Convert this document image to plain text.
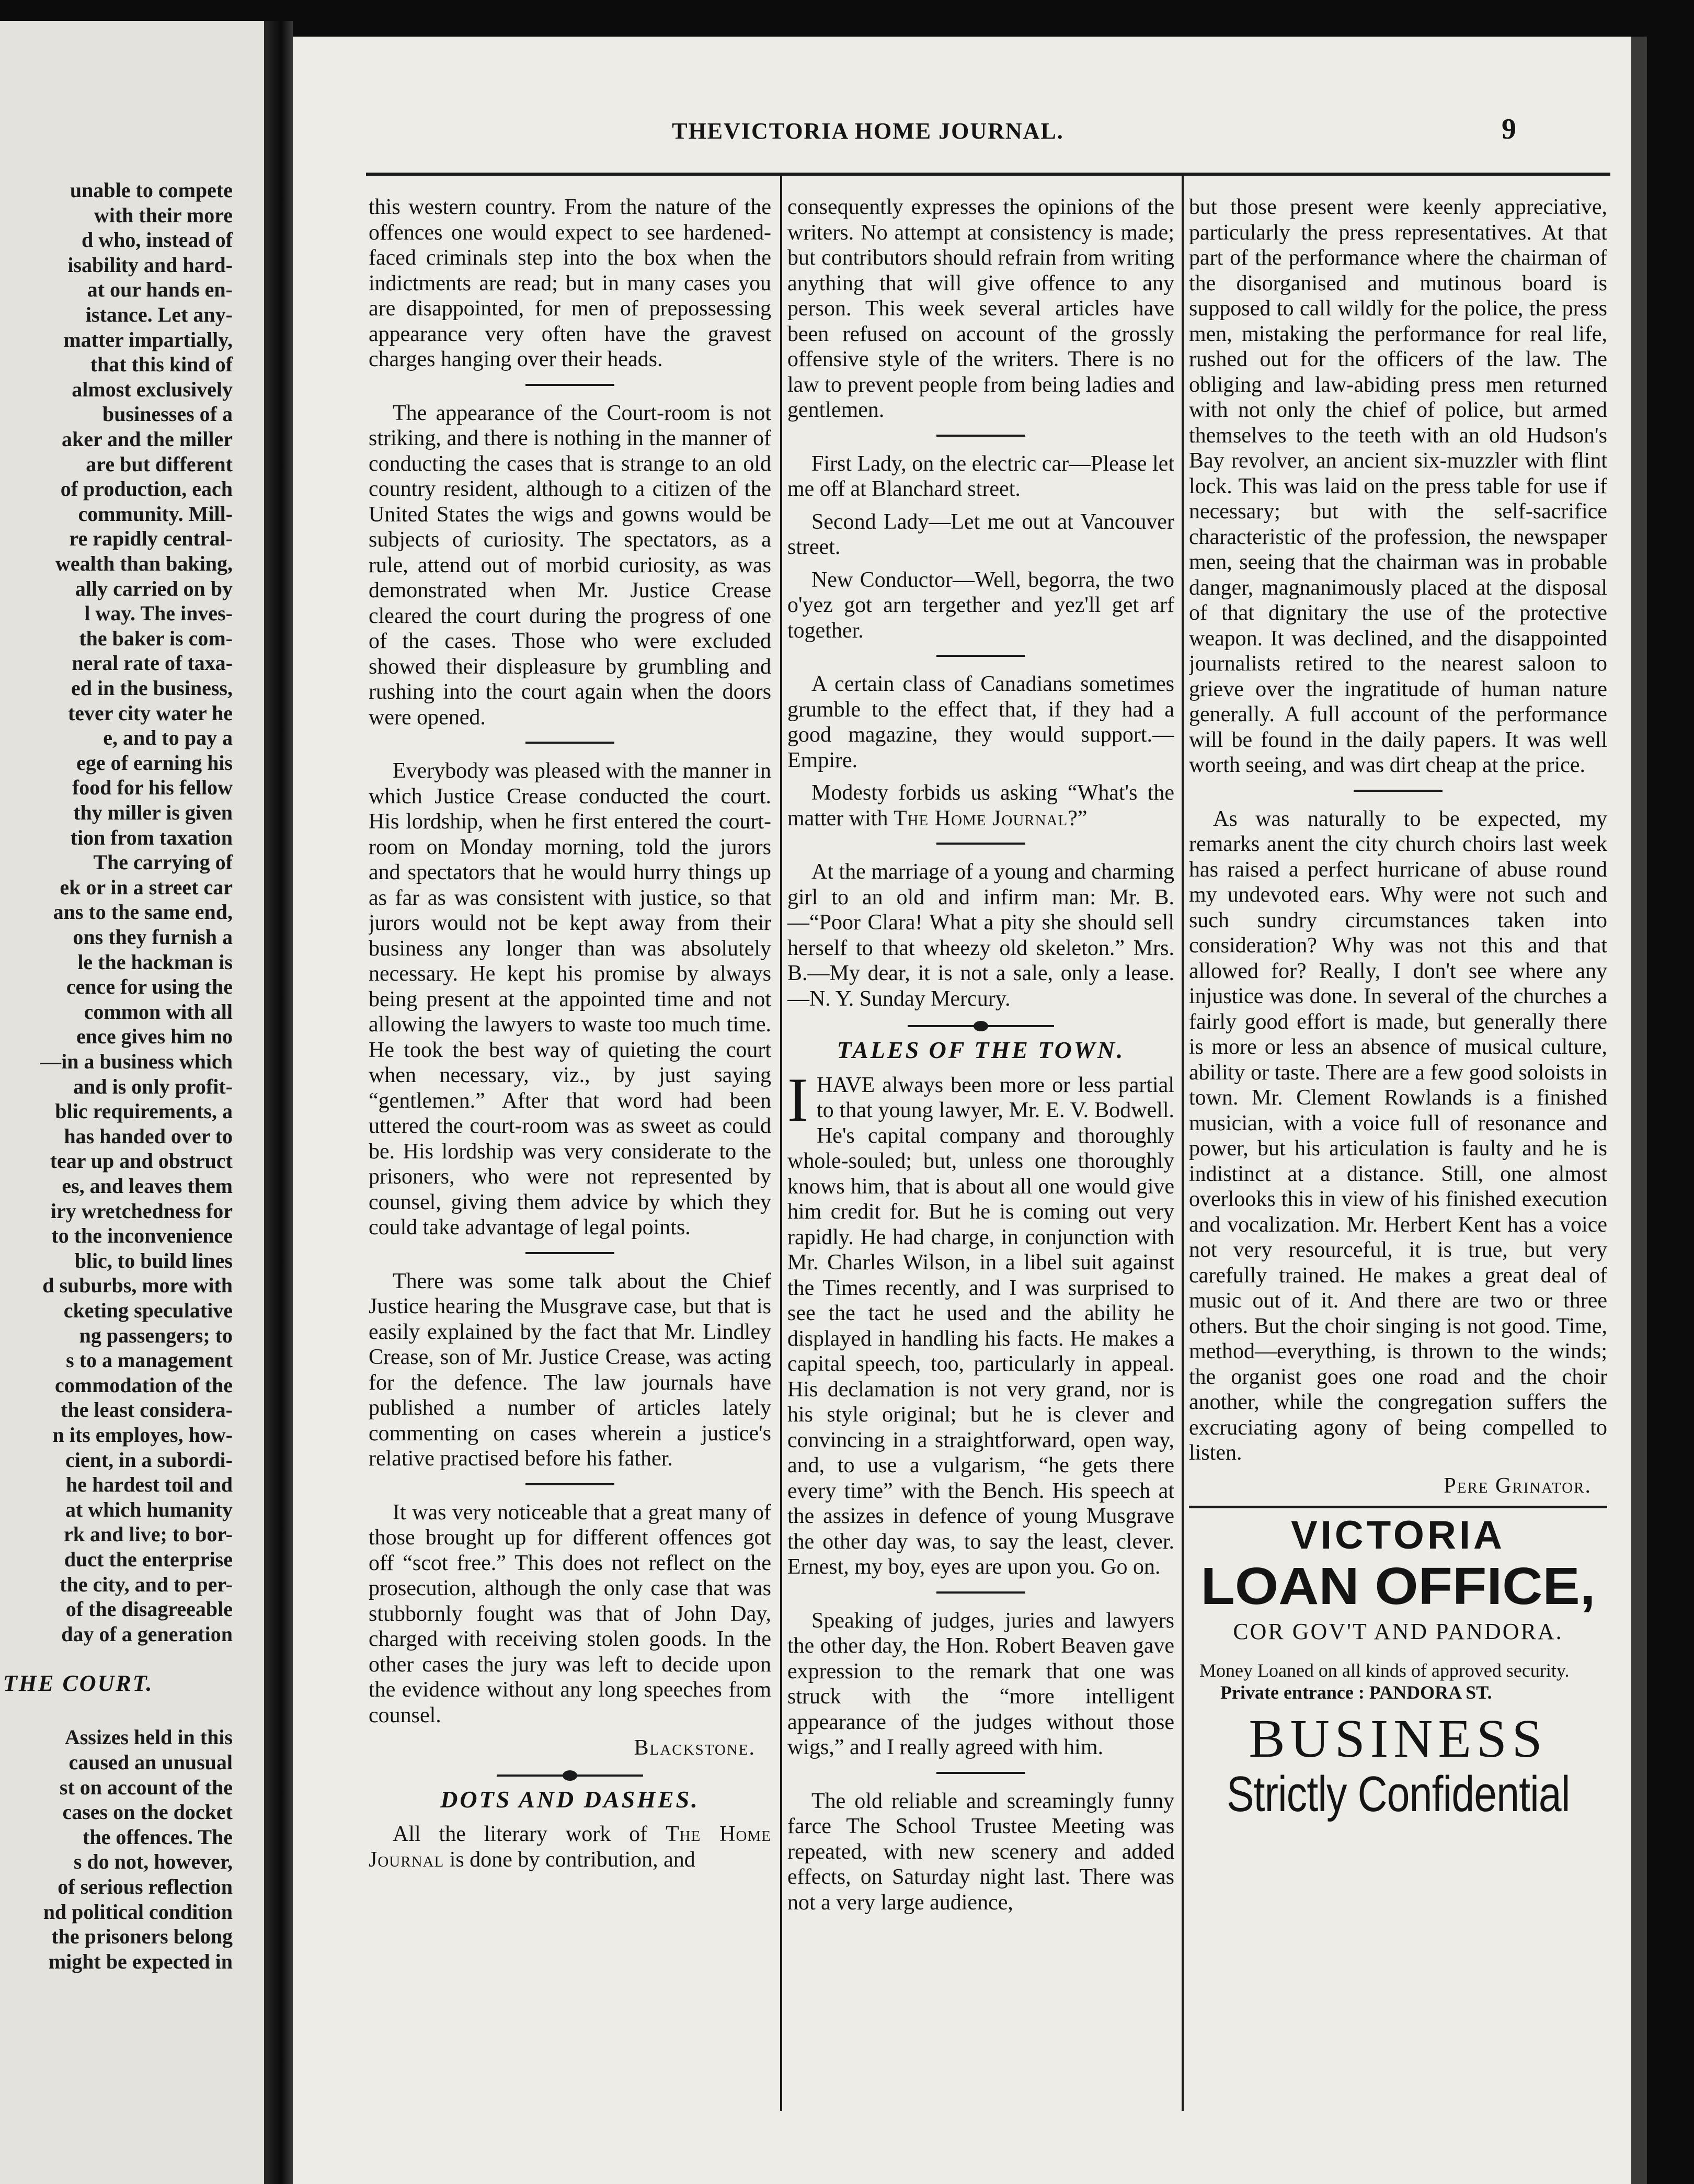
unable to compete
with their more
d who, instead of
isability and hard-
at our hands en-
istance. Let any-
matter impartially,
that this kind of
almost exclusively
businesses of a
aker and the miller
are but different
of production, each
community. Mill-
re rapidly central-
wealth than baking,
ally carried on by
l way. The inves-
the baker is com-
neral rate of taxa-
ed in the business,
tever city water he
e, and to pay a
ege of earning his
food for his fellow
thy miller is given
tion from taxation
The carrying of
ek or in a street car
ans to the same end,
ons they furnish a
le the hackman is
cence for using the
common with all
ence gives him no
—in a business which
and is only profit-
blic requirements, a
has handed over to
tear up and obstruct
es, and leaves them
iry wretchedness for
to the inconvenience
blic, to build lines
d suburbs, more with
cketing speculative
ng passengers; to
s to a management
commodation of the
the least considera-
n its employes, how-
cient, in a subordi-
he hardest toil and
at which humanity
rk and live; to bor-
duct the enterprise
the city, and to per-
of the disagreeable
day of a generation
THE COURT.
Assizes held in this
caused an unusual
st on account of the
cases on the docket
the offences. The
s do not, however,
of serious reflection
nd political condition
the prisoners belong
might be expected in
THEVICTORIA HOME JOURNAL.	9

this western country. From the nature of the offences one would expect to see hardened-faced criminals step into the box when the indictments are read; but in many cases you are disappointed, for men of prepossessing appearance very often have the gravest charges hanging over their heads.

The appearance of the Court-room is not striking, and there is nothing in the manner of conducting the cases that is strange to an old country resident, although to a citizen of the United States the wigs and gowns would be subjects of curiosity. The spectators, as a rule, attend out of morbid curiosity, as was demonstrated when Mr. Justice Crease cleared the court during the progress of one of the cases. Those who were excluded showed their displeasure by grumbling and rushing into the court again when the doors were opened.

Everybody was pleased with the manner in which Justice Crease conducted the court. His lordship, when he first entered the court-room on Monday morning, told the jurors and spectators that he would hurry things up as far as was consistent with justice, so that jurors would not be kept away from their business any longer than was absolutely necessary. He kept his promise by always being present at the appointed time and not allowing the lawyers to waste too much time. He took the best way of quieting the court when necessary, viz., by just saying “gentlemen.” After that word had been uttered the court-room was as sweet as could be. His lordship was very considerate to the prisoners, who were not represented by counsel, giving them advice by which they could take advantage of legal points.

There was some talk about the Chief Justice hearing the Musgrave case, but that is easily explained by the fact that Mr. Lindley Crease, son of Mr. Justice Crease, was acting for the defence. The law journals have published a number of articles lately commenting on cases wherein a justice's relative practised before his father.

It was very noticeable that a great many of those brought up for different offences got off “scot free.” This does not reflect on the prosecution, although the only case that was stubbornly fought was that of John Day, charged with receiving stolen goods. In the other cases the jury was left to decide upon the evidence without any long speeches from counsel.

Blackstone.
DOTS AND DASHES.

All the literary work of The Home Journal is done by contribution, and

consequently expresses the opinions of the writers. No attempt at consistency is made; but contributors should refrain from writing anything that will give offence to any person. This week several articles have been refused on account of the grossly offensive style of the writers. There is no law to prevent people from being ladies and gentlemen.

First Lady, on the electric car—Please let me off at Blanchard street.

Second Lady—Let me out at Vancouver street.

New Conductor—Well, begorra, the two o'yez got arn tergether and yez'll get arf together.

A certain class of Canadians sometimes grumble to the effect that, if they had a good magazine, they would support.—Empire.

Modesty forbids us asking “What's the matter with The Home Journal?”

At the marriage of a young and charming girl to an old and infirm man: Mr. B.—“Poor Clara! What a pity she should sell herself to that wheezy old skeleton.” Mrs. B.—My dear, it is not a sale, only a lease.—N. Y. Sunday Mercury.

TALES OF THE TOWN.

IHAVE always been more or less partial to that young lawyer, Mr. E. V. Bodwell. He's capital company and thoroughly whole-souled; but, unless one thoroughly knows him, that is about all one would give him credit for. But he is coming out very rapidly. He had charge, in conjunction with Mr. Charles Wilson, in a libel suit against the Times recently, and I was surprised to see the tact he used and the ability he displayed in handling his facts. He makes a capital speech, too, particularly in appeal. His declamation is not very grand, nor is his style original; but he is clever and convincing in a straightforward, open way, and, to use a vulgarism, “he gets there every time” with the Bench. His speech at the assizes in defence of young Musgrave the other day was, to say the least, clever. Ernest, my boy, eyes are upon you. Go on.

Speaking of judges, juries and lawyers the other day, the Hon. Robert Beaven gave expression to the remark that one was struck with the “more intelligent appearance of the judges without those wigs,” and I really agreed with him.

The old reliable and screamingly funny farce The School Trustee Meeting was repeated, with new scenery and added effects, on Saturday night last. There was not a very large audience,

but those present were keenly appreciative, particularly the press representatives. At that part of the performance where the chairman of the disorganised and mutinous board is supposed to call wildly for the police, the press men, mistaking the performance for real life, rushed out for the officers of the law. The obliging and law-abiding press men returned with not only the chief of police, but armed themselves to the teeth with an old Hudson's Bay revolver, an ancient six-muzzler with flint lock. This was laid on the press table for use if necessary; but with the self-sacrifice characteristic of the profession, the newspaper men, seeing that the chairman was in probable danger, magnanimously placed at the disposal of that dignitary the use of the protective weapon. It was declined, and the disappointed journalists retired to the nearest saloon to grieve over the ingratitude of human nature generally. A full account of the performance will be found in the daily papers. It was well worth seeing, and was dirt cheap at the price.

As was naturally to be expected, my remarks anent the city church choirs last week has raised a perfect hurricane of abuse round my undevoted ears. Why were not such and such sundry circumstances taken into consideration? Why was not this and that allowed for? Really, I don't see where any injustice was done. In several of the churches a fairly good effort is made, but generally there is more or less an absence of musical culture, ability or taste. There are a few good soloists in town. Mr. Clement Rowlands is a finished musician, with a voice full of resonance and power, but his articulation is faulty and he is indistinct at a distance. Still, one almost overlooks this in view of his finished execution and vocalization. Mr. Herbert Kent has a voice not very resourceful, it is true, but very carefully trained. He makes a great deal of music out of it. And there are two or three others. But the choir singing is not good. Time, method—everything, is thrown to the winds; the organist goes one road and the choir another, while the congregation suffers the excruciating agony of being compelled to listen.

Pere Grinator.
VICTORIA
LOAN OFFICE,
COR GOV'T AND PANDORA.
Money Loaned on all kinds of approved security.
Private entrance : PANDORA ST.
BUSINESS
Strictly Confidential
